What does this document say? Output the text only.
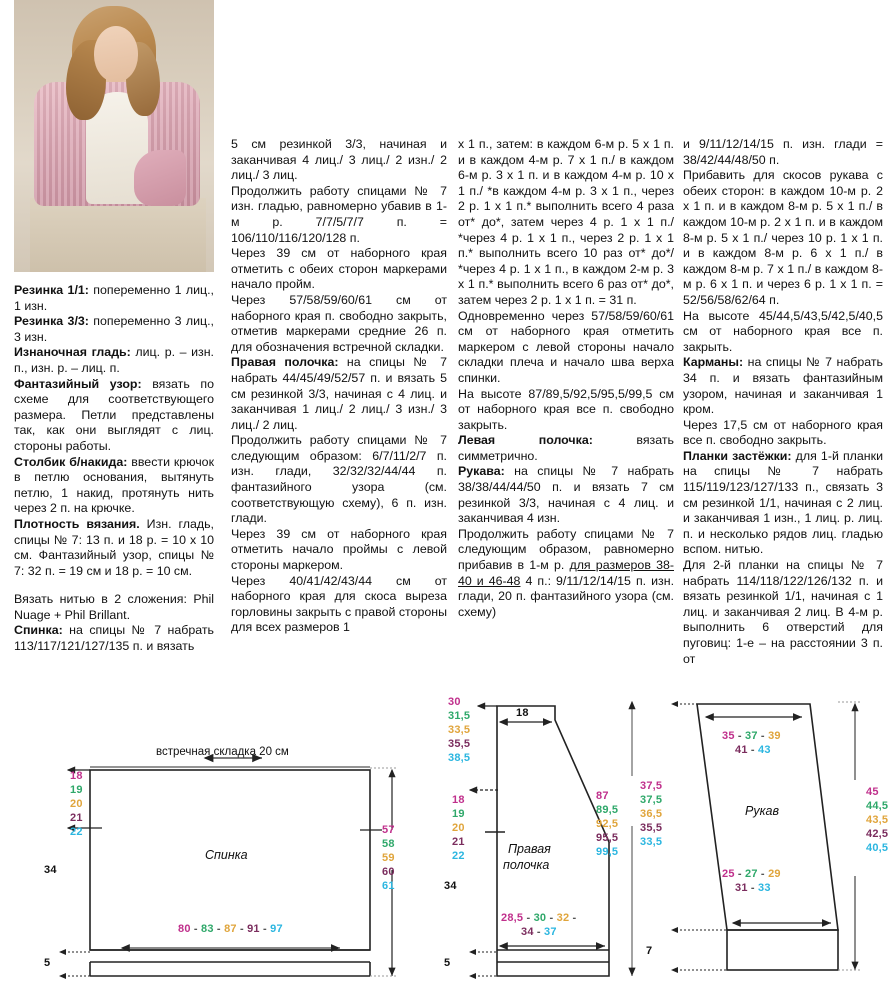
Резинка 1/1: попеременно 1 лиц., 1 изн.

Резинка 3/3: попеременно 3 лиц., 3 изн.

Изнаночная гладь: лиц. р. – изн. п., изн. р. – лиц. п.

Фантазийный узор: вязать по схеме для соответствующего размера. Петли представлены так, как они выглядят с лиц. стороны работы.

Столбик б/накида: ввести крючок в петлю основания, вытянуть петлю, 1 накид, протянуть нить через 2 п. на крючке.

Плотность вязания. Изн. гладь, спицы № 7: 13 п. и 18 р. = 10 х 10 см. Фантазийный узор, спицы № 7: 32 п. = 19 см и 18 р. = 10 см.

Вязать нитью в 2 сложения: Phil Nuage + Phil Brillant.

Спинка: на спицы № 7 набрать 113/117/121/127/135 п. и вязать

5 см резинкой 3/3, начиная и заканчивая 4 лиц./ 3 лиц./ 2 изн./ 2 лиц./ 3 лиц.

Продолжить работу спицами № 7 изн. гладью, равномерно убавив в 1-м р. 7/7/5/7/7 п. = 106/110/116/120/128 п.

Через 39 см от наборного края отметить с обеих сторон маркерами начало пройм.

Через 57/58/59/60/61 см от наборного края п. свободно закрыть, отметив маркерами средние 26 п. для обозначения встречной складки.

Правая полочка: на спицы № 7 набрать 44/45/49/52/57 п. и вязать 5 см резинкой 3/3, начиная с 4 лиц. и заканчивая 1 лиц./ 2 лиц./ 3 изн./ 3 лиц./ 2 лиц.

Продолжить работу спицами № 7 следующим образом: 6/7/11/2/7 п. изн. глади, 32/32/32/44/44 п. фантазийного узора (см. соответствующую схему), 6 п. изн. глади.

Через 39 см от наборного края отметить начало проймы с левой стороны маркером.

Через 40/41/42/43/44 см от наборного края для скоса выреза горловины закрыть с правой стороны для всех размеров 1

х 1 п., затем: в каждом 6-м р. 5 х 1 п. и в каждом 4-м р. 7 х 1 п./ в каждом 6-м р. 3 х 1 п. и в каждом 4-м р. 10 х 1 п./ *в каждом 4-м р. 3 х 1 п., через 2 р. 1 х 1 п.* выполнить всего 4 раза от* до*, затем через 4 р. 1 х 1 п./ *через 4 р. 1 х 1 п., через 2 р. 1 х 1 п.* выполнить всего 10 раз от* до*/ *через 4 р. 1 х 1 п., в каждом 2-м р. 3 х 1 п.* выполнить всего 6 раз от* до*, затем через 2 р. 1 х 1 п. = 31 п.

Одновременно через 57/58/59/60/61 см от наборного края отметить маркером с левой стороны начало складки плеча и начало шва верха спинки.

На высоте 87/89,5/92,5/95,5/99,5 см от наборного края все п. свободно закрыть.

Левая полочка: вязать симметрично.

Рукава: на спицы № 7 набрать 38/38/44/44/50 п. и вязать 7 см резинкой 3/3, начиная с 4 лиц. и заканчивая 4 изн.

Продолжить работу спицами № 7 следующим образом, равномерно прибавив в 1-м р. для размеров 38-40 и 46-48 4 п.: 9/11/12/14/15 п. изн. глади, 20 п. фантазийного узора (см. схему)

и 9/11/12/14/15 п. изн. глади = 38/42/44/48/50 п.

Прибавить для скосов рукава с обеих сторон: в каждом 10-м р. 2 х 1 п. и в каждом 8-м р. 5 х 1 п./ в каждом 10-м р. 2 х 1 п. и в каждом 8-м р. 5 х 1 п./ через 10 р. 1 х 1 п. и в каждом 8-м р. 6 х 1 п./ в каждом 8-м р. 7 х 1 п./ в каждом 8-м р. 6 х 1 п. и через 6 р. 1 х 1 п. = 52/56/58/62/64 п.

На высоте 45/44,5/43,5/42,5/40,5 см от наборного края все п. закрыть.

Карманы: на спицы № 7 набрать 34 п. и вязать фантазийным узором, начиная и заканчивая 1 кром.

Через 17,5 см от наборного края все п. свободно закрыть.

Планки застёжки: для 1-й планки на спицы № 7 набрать 115/119/123/127/133 п., связать 3 см резинкой 1/1, начиная с 2 лиц. и заканчивая 1 изн., 1 лиц. р. лиц. п. и несколько рядов лиц. гладью вспом. нитью.

Для 2-й планки на спицы № 7 набрать 114/118/122/126/132 п. и вязать резинкой 1/1, начиная с 1 лиц. и заканчивая 2 лиц. В 4-м р. выполнить 6 отверстий для пуговиц: 1-е – на расстоянии 3 п. от

встречная складка 20 см
Спинка
18
19
20
21
22
34
5
57
58
59
60
61
80 - 83 - 87 - 91 - 97
18
30
31,5
33,5
35,5
38,5
18
19
20
21
22
34
5
Правая
полочка
87
89,5
92,5
95,5
99,5
28,5 - 30 - 32 -
34 - 37
35 - 37 - 39
41 - 43
Рукав
25 - 27 - 29
31 - 33
37,5
37,5
36,5
35,5
33,5
7
45
44,5
43,5
42,5
40,5
